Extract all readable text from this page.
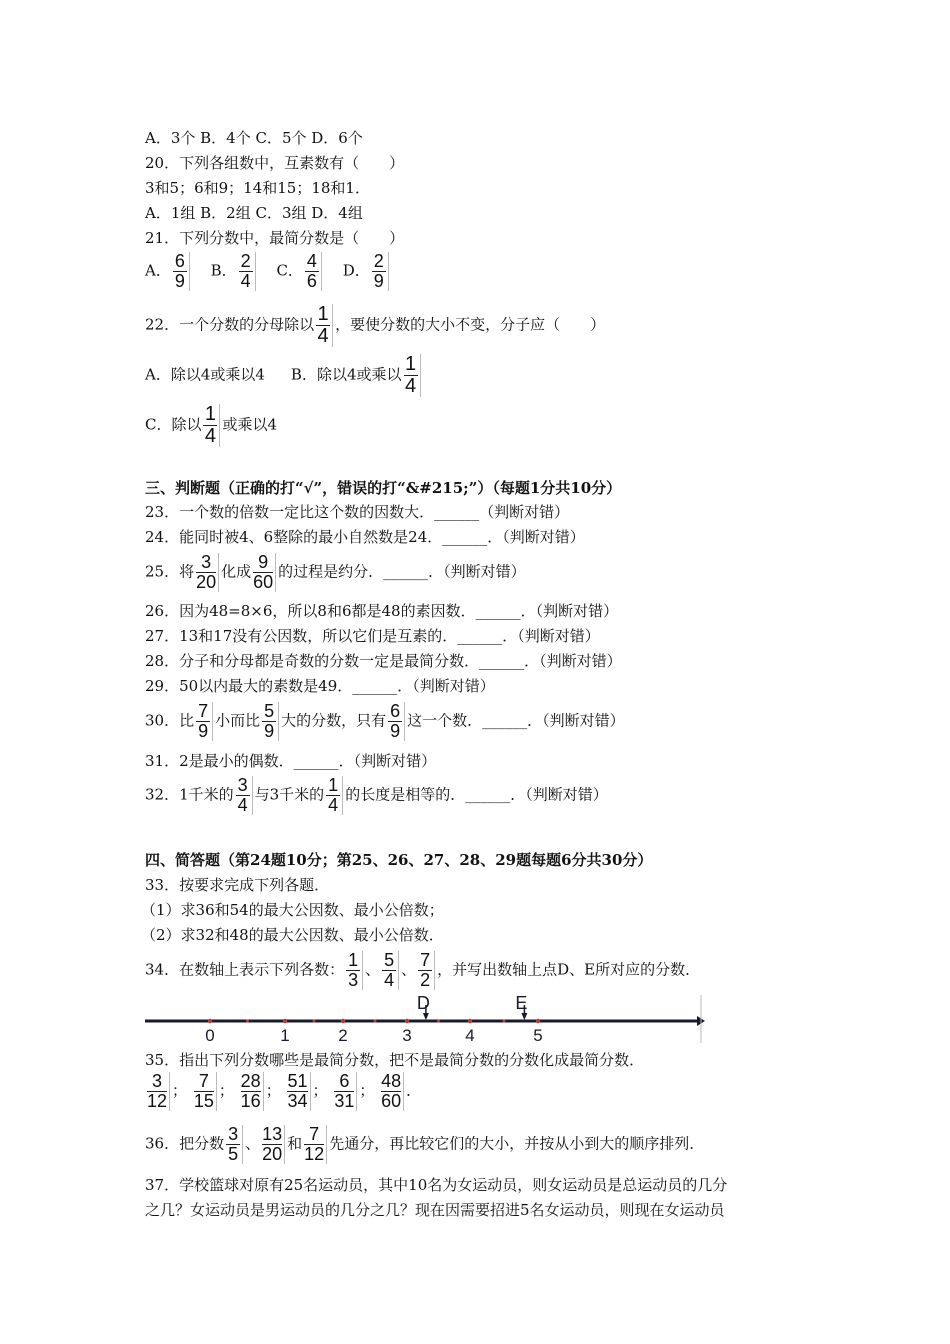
A．3个 B．4个 C．5个 D．6个
20．下列各组数中，互素数有（　　）
3和5；6和9；14和15；18和1．
A．1组 B．2组 C．3组 D．4组
21．下列分数中，最简分数是（　　）
A． $\frac{6}{9}$ B． $\frac{2}{4}$ C． $\frac{4}{6}$ D． $\frac{2}{9}$
22．一个分数的分母除以 $\frac{1}{4}$ ，要使分数的大小不变，分子应（　　）
A．除以4或乘以4 B．除以4或乘以 $\frac{1}{4}$
C．除以 $\frac{1}{4}$ 或乘以4
三、判断题（正确的打“√”，错误的打“&#215;”）（每题1分共10分）
23．一个数的倍数一定比这个数的因数大．______（判断对错）
24．能同时被4、6整除的最小自然数是24．______．（判断对错）
25．将 $\frac{3}{20}$ 化成 $\frac{9}{60}$ 的过程是约分．______．（判断对错）
26．因为48=8×6，所以8和6都是48的素因数．______．（判断对错）
27．13和17没有公因数，所以它们是互素的．______．（判断对错）
28．分子和分母都是奇数的分数一定是最简分数．______．（判断对错）
29．50以内最大的素数是49．______．（判断对错）
30．比 $\frac{7}{9}$ 小而比 $\frac{5}{9}$ 大的分数，只有 $\frac{6}{9}$ 这一个数．______．（判断对错）
31．2是最小的偶数．______．（判断对错）
32．1千米的 $\frac{3}{4}$ 与3千米的 $\frac{1}{4}$ 的长度是相等的．______．（判断对错）
四、简答题（第24题10分；第25、26、27、28、29题每题6分共30分）
33．按要求完成下列各题．
（1）求36和54的最大公因数、最小公倍数；
（2）求32和48的最大公因数、最小公倍数．
34．在数轴上表示下列各数： $\frac{1}{3}$ 、 $\frac{5}{4}$ 、 $\frac{7}{2}$ ，并写出数轴上点D、E所对应的分数．
0	1	2	3	4	5
D	E
35．指出下列分数哪些是最简分数，把不是最简分数的分数化成最简分数．
$\frac{3}{12}$ ； $\frac{7}{15}$ ； $\frac{28}{16}$ ； $\frac{51}{34}$ ； $\frac{6}{31}$ ； $\frac{48}{60}$ ．
36．把分数 $\frac{3}{5}$ 、 $\frac{13}{20}$ 和 $\frac{7}{12}$ 先通分，再比较它们的大小，并按从小到大的顺序排列．
37．学校篮球对原有25名运动员，其中10名为女运动员，则女运动员是总运动员的几分
之几？女运动员是男运动员的几分之几？现在因需要招进5名女运动员，则现在女运动员
